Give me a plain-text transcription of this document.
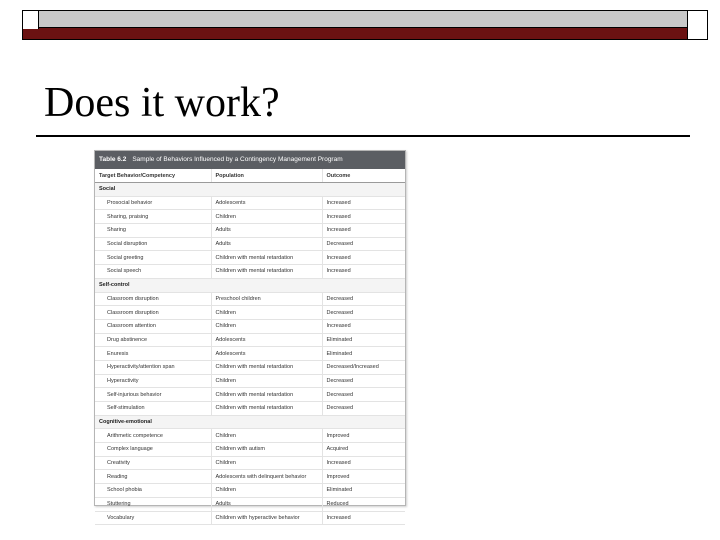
Does it work?
Table 6.2 Sample of Behaviors Influenced by a Contingency Management Program
Target Behavior/Competency	Population	Outcome
Social		
Prosocial behavior	Adolescents	Increased
Sharing, praising	Children	Increased
Sharing	Adults	Increased
Social disruption	Adults	Decreased
Social greeting	Children with mental retardation	Increased
Social speech	Children with mental retardation	Increased
Self-control		
Classroom disruption	Preschool children	Decreased
Classroom disruption	Children	Decreased
Classroom attention	Children	Increased
Drug abstinence	Adolescents	Eliminated
Enuresis	Adolescents	Eliminated
Hyperactivity/attention span	Children with mental retardation	Decreased/Increased
Hyperactivity	Children	Decreased
Self-injurious behavior	Children with mental retardation	Decreased
Self-stimulation	Children with mental retardation	Decreased
Cognitive-emotional		
Arithmetic competence	Children	Improved
Complex language	Children with autism	Acquired
Creativity	Children	Increased
Reading	Adolescents with delinquent behavior	Improved
School phobia	Children	Eliminated
Stuttering	Adults	Reduced
Vocabulary	Children with hyperactive behavior	Increased
